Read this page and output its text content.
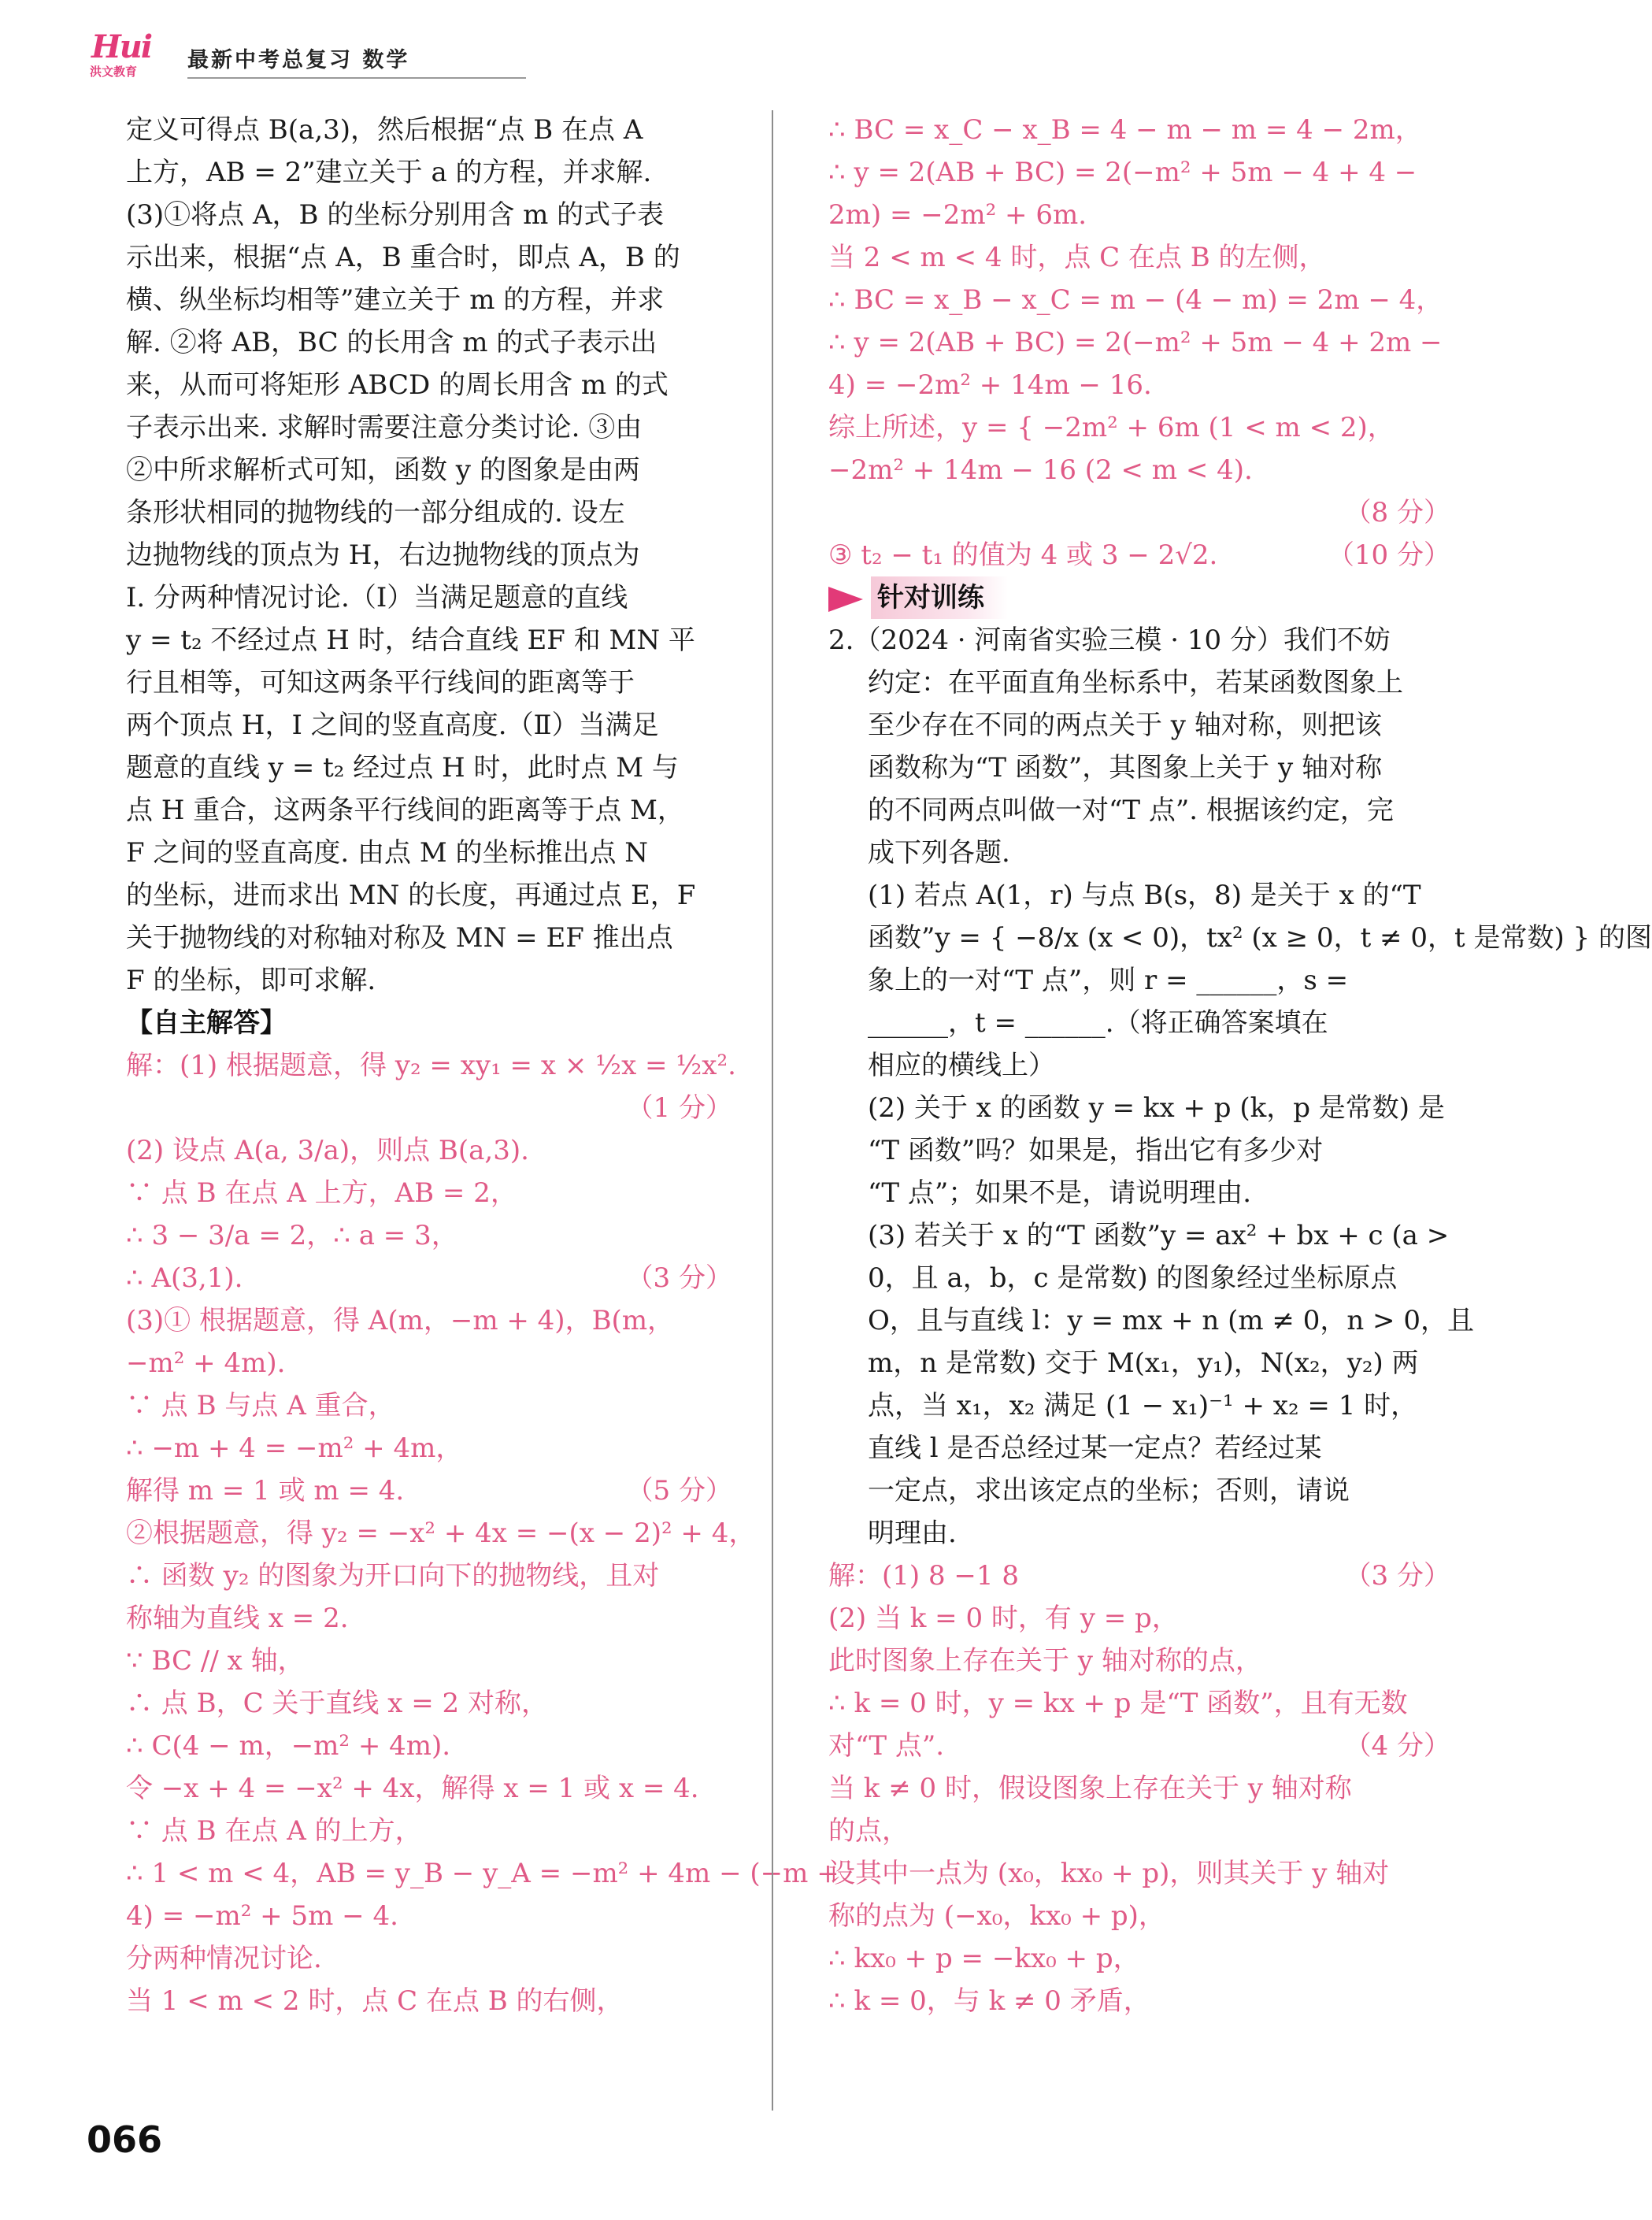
Hui
洪文教育 最新中考总复习 数学
定义可得点 B(a,3)，然后根据“点 B 在点 A
上方，AB = 2”建立关于 a 的方程，并求解.
(3)①将点 A，B 的坐标分别用含 m 的式子表
示出来，根据“点 A，B 重合时，即点 A，B 的
横、纵坐标均相等”建立关于 m 的方程，并求
解. ②将 AB，BC 的长用含 m 的式子表示出
来，从而可将矩形 ABCD 的周长用含 m 的式
子表示出来. 求解时需要注意分类讨论. ③由
②中所求解析式可知，函数 y 的图象是由两
条形状相同的抛物线的一部分组成的. 设左
边抛物线的顶点为 H，右边抛物线的顶点为
I. 分两种情况讨论.（Ⅰ）当满足题意的直线
y = t₂ 不经过点 H 时，结合直线 EF 和 MN 平
行且相等，可知这两条平行线间的距离等于
两个顶点 H，I 之间的竖直高度.（Ⅱ）当满足
题意的直线 y = t₂ 经过点 H 时，此时点 M 与
点 H 重合，这两条平行线间的距离等于点 M，
F 之间的竖直高度. 由点 M 的坐标推出点 N
的坐标，进而求出 MN 的长度，再通过点 E，F
关于抛物线的对称轴对称及 MN = EF 推出点
F 的坐标，即可求解.
【自主解答】
解：(1) 根据题意，得 y₂ = xy₁ = x × ½x = ½x².
（1 分）

(2) 设点 A(a, 3/a)，则点 B(a,3).
∵ 点 B 在点 A 上方，AB = 2，
∴ 3 − 3/a = 2，∴ a = 3，
（3 分）
∴ A(3,1).
(3)① 根据题意，得 A(m，−m + 4)，B(m，
−m² + 4m).
∵ 点 B 与点 A 重合，
∴ −m + 4 = −m² + 4m，
（5 分）
解得 m = 1 或 m = 4.
②根据题意，得 y₂ = −x² + 4x = −(x − 2)² + 4，
∴ 函数 y₂ 的图象为开口向下的抛物线，且对
称轴为直线 x = 2.
∵ BC // x 轴，
∴ 点 B，C 关于直线 x = 2 对称，
∴ C(4 − m，−m² + 4m).
令 −x + 4 = −x² + 4x，解得 x = 1 或 x = 4.
∵ 点 B 在点 A 的上方，
∴ 1 < m < 4，AB = y_B − y_A = −m² + 4m − (−m +
4) = −m² + 5m − 4.
分两种情况讨论.
当 1 < m < 2 时，点 C 在点 B 的右侧，
∴ BC = x_C − x_B = 4 − m − m = 4 − 2m，
∴ y = 2(AB + BC) = 2(−m² + 5m − 4 + 4 −
2m) = −2m² + 6m.
当 2 < m < 4 时，点 C 在点 B 的左侧，
∴ BC = x_B − x_C = m − (4 − m) = 2m − 4，
∴ y = 2(AB + BC) = 2(−m² + 5m − 4 + 2m −
4) = −2m² + 14m − 16.
综上所述，y = { −2m² + 6m (1 < m < 2)，
−2m² + 14m − 16 (2 < m < 4).
（8 分）

（10 分）
③ t₂ − t₁ 的值为 4 或 3 − 2√2.
针对训练
2.（2024 · 河南省实验三模 · 10 分）我们不妨
约定：在平面直角坐标系中，若某函数图象上
至少存在不同的两点关于 y 轴对称，则把该
函数称为“T 函数”，其图象上关于 y 轴对称
的不同两点叫做一对“T 点”. 根据该约定，完
成下列各题.
(1) 若点 A(1，r) 与点 B(s，8) 是关于 x 的“T
函数”y = { −8/x (x < 0)，tx² (x ≥ 0，t ≠ 0，t 是常数) } 的图
象上的一对“T 点”，则 r = ______，s =
______，t = ______.（将正确答案填在
相应的横线上）
(2) 关于 x 的函数 y = kx + p (k，p 是常数) 是
“T 函数”吗？如果是，指出它有多少对
“T 点”；如果不是，请说明理由.
(3) 若关于 x 的“T 函数”y = ax² + bx + c (a >
0，且 a，b，c 是常数) 的图象经过坐标原点
O，且与直线 l：y = mx + n (m ≠ 0，n > 0，且
m，n 是常数) 交于 M(x₁，y₁)，N(x₂，y₂) 两
点，当 x₁，x₂ 满足 (1 − x₁)⁻¹ + x₂ = 1 时，
直线 l 是否总经过某一定点？若经过某
一定点，求出该定点的坐标；否则，请说
明理由.
（3 分）
解：(1) 8 −1 8
(2) 当 k = 0 时，有 y = p，
此时图象上存在关于 y 轴对称的点，
∴ k = 0 时，y = kx + p 是“T 函数”，且有无数
（4 分）
对“T 点”.
当 k ≠ 0 时，假设图象上存在关于 y 轴对称
的点，
设其中一点为 (x₀，kx₀ + p)，则其关于 y 轴对
称的点为 (−x₀，kx₀ + p)，
∴ kx₀ + p = −kx₀ + p，
∴ k = 0，与 k ≠ 0 矛盾，
066
